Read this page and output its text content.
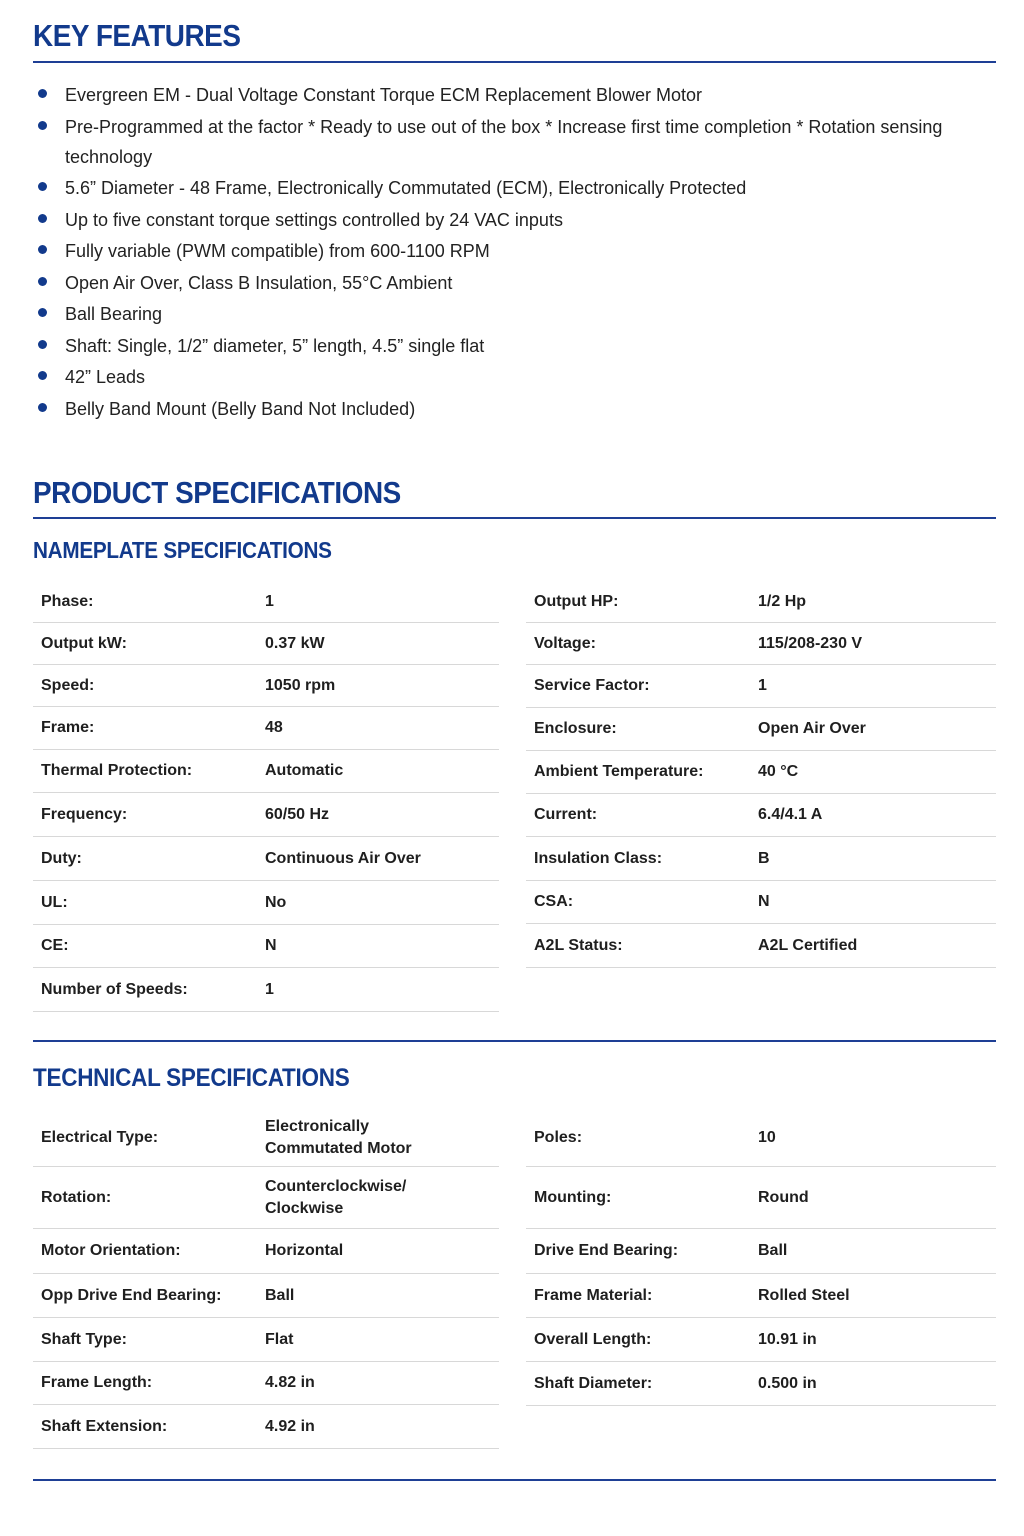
KEY FEATURES
Evergreen EM - Dual Voltage Constant Torque ECM Replacement Blower Motor
Pre-Programmed at the factor * Ready to use out of the box * Increase first time completion * Rotation sensing technology
5.6” Diameter - 48 Frame, Electronically Commutated (ECM), Electronically Protected
Up to five constant torque settings controlled by 24 VAC inputs
Fully variable (PWM compatible) from 600-1100 RPM
Open Air Over, Class B Insulation, 55°C Ambient
Ball Bearing
Shaft: Single, 1/2” diameter, 5” length, 4.5” single flat
42” Leads
Belly Band Mount (Belly Band Not Included)
PRODUCT SPECIFICATIONS
NAMEPLATE SPECIFICATIONS
Phase:	1
Output kW:	0.37 kW
Speed:	1050 rpm
Frame:	48
Thermal Protection:	Automatic
Frequency:	60/50 Hz
Duty:	Continuous Air Over
UL:	No
CE:	N
Number of Speeds:	1
Output HP:	1/2 Hp
Voltage:	115/208-230 V
Service Factor:	1
Enclosure:	Open Air Over
Ambient Temperature:	40 °C
Current:	6.4/4.1 A
Insulation Class:	B
CSA:	N
A2L Status:	A2L Certified
TECHNICAL SPECIFICATIONS
Electrical Type:
Electronically Commutated Motor
Rotation:
Counterclockwise/ Clockwise
Motor Orientation:	Horizontal
Opp Drive End Bearing:	Ball
Shaft Type:	Flat
Frame Length:	4.82 in
Shaft Extension:	4.92 in
Poles:	10
Mounting:	Round
Drive End Bearing:	Ball
Frame Material:	Rolled Steel
Overall Length:	10.91 in
Shaft Diameter:	0.500 in
